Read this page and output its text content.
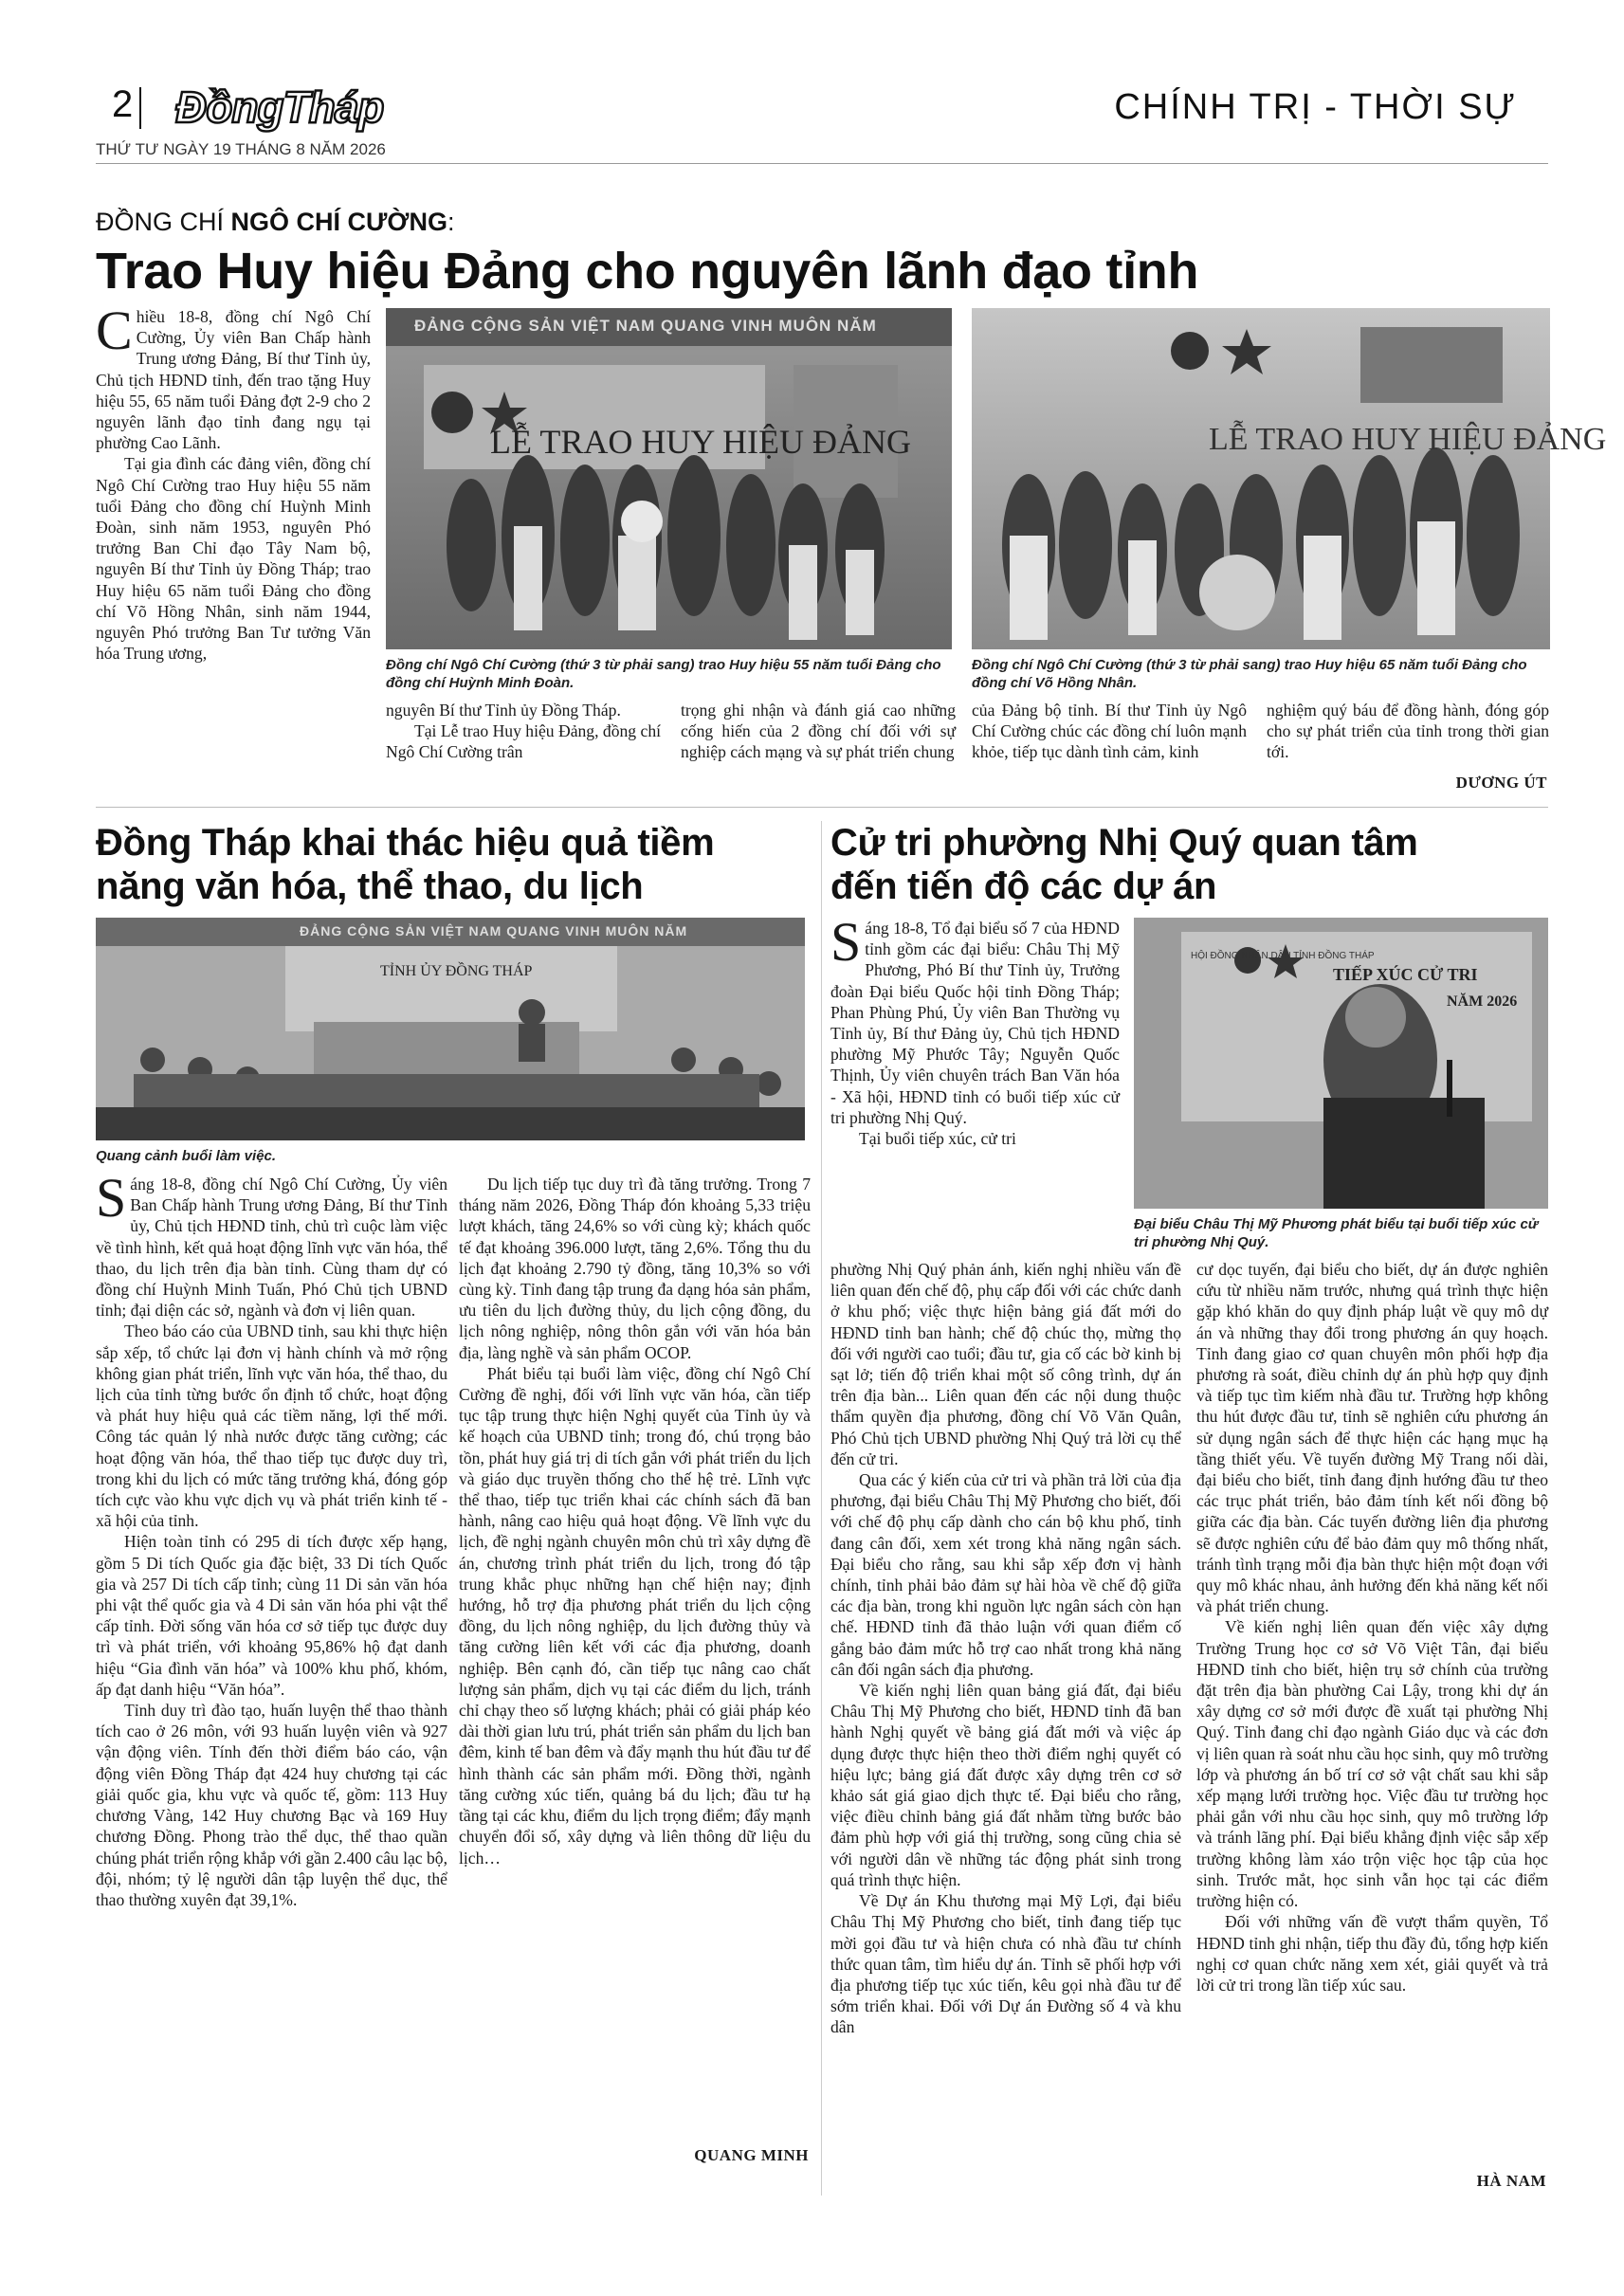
2 ĐồngTháp	CHÍNH TRỊ - THỜI SỰ
THỨ TƯ NGÀY 19 THÁNG 8 NĂM 2026
ĐỒNG CHÍ NGÔ CHÍ CƯỜNG:
Trao Huy hiệu Đảng cho nguyên lãnh đạo tỉnh

Chiều 18-8, đồng chí Ngô Chí Cường, Ủy viên Ban Chấp hành Trung ương Đảng, Bí thư Tỉnh ủy, Chủ tịch HĐND tỉnh, đến trao tặng Huy hiệu 55, 65 năm tuổi Đảng đợt 2-9 cho 2 nguyên lãnh đạo tỉnh đang ngụ tại phường Cao Lãnh.

Tại gia đình các đảng viên, đồng chí Ngô Chí Cường trao Huy hiệu 55 năm tuổi Đảng cho đồng chí Huỳnh Minh Đoàn, sinh năm 1953, nguyên Phó trưởng Ban Chỉ đạo Tây Nam bộ, nguyên Bí thư Tỉnh ủy Đồng Tháp; trao Huy hiệu 65 năm tuổi Đảng cho đồng chí Võ Hồng Nhân, sinh năm 1944, nguyên Phó trưởng Ban Tư tưởng Văn hóa Trung ương,

ĐẢNG CỘNG SẢN VIỆT NAM QUANG VINH MUÔN NĂM
LỄ TRAO HUY HIỆU ĐẢNG
Đồng chí Ngô Chí Cường (thứ 3 từ phải sang) trao Huy hiệu 55 năm tuổi Đảng cho đồng chí Huỳnh Minh Đoàn.
LỄ TRAO HUY HIỆU ĐẢNG
Đồng chí Ngô Chí Cường (thứ 3 từ phải sang) trao Huy hiệu 65 năm tuổi Đảng cho đồng chí Võ Hồng Nhân.

nguyên Bí thư Tỉnh ủy Đồng Tháp.

Tại Lễ trao Huy hiệu Đảng, đồng chí Ngô Chí Cường trân

trọng ghi nhận và đánh giá cao những cống hiến của 2 đồng chí đối với sự nghiệp cách mạng và sự phát triển chung

của Đảng bộ tỉnh. Bí thư Tỉnh ủy Ngô Chí Cường chúc các đồng chí luôn mạnh khỏe, tiếp tục dành tình cảm, kinh

nghiệm quý báu để đồng hành, đóng góp cho sự phát triển của tỉnh trong thời gian tới.

DƯƠNG ÚT
Đồng Tháp khai thác hiệu quả tiềm năng văn hóa, thể thao, du lịch
ĐẢNG CỘNG SẢN VIỆT NAM QUANG VINH MUÔN NĂM
TỈNH ỦY ĐỒNG THÁP
Quang cảnh buổi làm việc.

Sáng 18-8, đồng chí Ngô Chí Cường, Ủy viên Ban Chấp hành Trung ương Đảng, Bí thư Tỉnh ủy, Chủ tịch HĐND tỉnh, chủ trì cuộc làm việc về tình hình, kết quả hoạt động lĩnh vực văn hóa, thể thao, du lịch trên địa bàn tỉnh. Cùng tham dự có đồng chí Huỳnh Minh Tuấn, Phó Chủ tịch UBND tỉnh; đại diện các sở, ngành và đơn vị liên quan.

Theo báo cáo của UBND tỉnh, sau khi thực hiện sắp xếp, tổ chức lại đơn vị hành chính và mở rộng không gian phát triển, lĩnh vực văn hóa, thể thao, du lịch của tỉnh từng bước ổn định tổ chức, hoạt động và phát huy hiệu quả các tiềm năng, lợi thế mới. Công tác quản lý nhà nước được tăng cường; các hoạt động văn hóa, thể thao tiếp tục được duy trì, trong khi du lịch có mức tăng trưởng khá, đóng góp tích cực vào khu vực dịch vụ và phát triển kinh tế - xã hội của tỉnh.

Hiện toàn tỉnh có 295 di tích được xếp hạng, gồm 5 Di tích Quốc gia đặc biệt, 33 Di tích Quốc gia và 257 Di tích cấp tỉnh; cùng 11 Di sản văn hóa phi vật thể quốc gia và 4 Di sản văn hóa phi vật thể cấp tỉnh. Đời sống văn hóa cơ sở tiếp tục được duy trì và phát triển, với khoảng 95,86% hộ đạt danh hiệu “Gia đình văn hóa” và 100% khu phố, khóm, ấp đạt danh hiệu “Văn hóa”.

Tỉnh duy trì đào tạo, huấn luyện thể thao thành tích cao ở 26 môn, với 93 huấn luyện viên và 927 vận động viên. Tính đến thời điểm báo cáo, vận động viên Đồng Tháp đạt 424 huy chương tại các giải quốc gia, khu vực và quốc tế, gồm: 113 Huy chương Vàng, 142 Huy chương Bạc và 169 Huy chương Đồng. Phong trào thể dục, thể thao quần chúng phát triển rộng khắp với gần 2.400 câu lạc bộ, đội, nhóm; tỷ lệ người dân tập luyện thể dục, thể thao thường xuyên đạt 39,1%.

Du lịch tiếp tục duy trì đà tăng trưởng. Trong 7 tháng năm 2026, Đồng Tháp đón khoảng 5,33 triệu lượt khách, tăng 24,6% so với cùng kỳ; khách quốc tế đạt khoảng 396.000 lượt, tăng 2,6%. Tổng thu du lịch đạt khoảng 2.790 tỷ đồng, tăng 10,3% so với cùng kỳ. Tỉnh đang tập trung đa dạng hóa sản phẩm, ưu tiên du lịch đường thủy, du lịch cộng đồng, du lịch nông nghiệp, nông thôn gắn với văn hóa bản địa, làng nghề và sản phẩm OCOP.

Phát biểu tại buổi làm việc, đồng chí Ngô Chí Cường đề nghị, đối với lĩnh vực văn hóa, cần tiếp tục tập trung thực hiện Nghị quyết của Tỉnh ủy và kế hoạch của UBND tỉnh; trong đó, chú trọng bảo tồn, phát huy giá trị di tích gắn với phát triển du lịch và giáo dục truyền thống cho thế hệ trẻ. Lĩnh vực thể thao, tiếp tục triển khai các chính sách đã ban hành, nâng cao hiệu quả hoạt động. Về lĩnh vực du lịch, đề nghị ngành chuyên môn chủ trì xây dựng đề án, chương trình phát triển du lịch, trong đó tập trung khắc phục những hạn chế hiện nay; định hướng, hỗ trợ địa phương phát triển du lịch cộng đồng, du lịch nông nghiệp, du lịch đường thủy và tăng cường liên kết với các địa phương, doanh nghiệp. Bên cạnh đó, cần tiếp tục nâng cao chất lượng sản phẩm, dịch vụ tại các điểm du lịch, tránh chỉ chạy theo số lượng khách; phải có giải pháp kéo dài thời gian lưu trú, phát triển sản phẩm du lịch ban đêm, kinh tế ban đêm và đẩy mạnh thu hút đầu tư để hình thành các sản phẩm mới. Đồng thời, ngành tăng cường xúc tiến, quảng bá du lịch; đầu tư hạ tầng tại các khu, điểm du lịch trọng điểm; đẩy mạnh chuyển đổi số, xây dựng và liên thông dữ liệu du lịch…

QUANG MINH
Cử tri phường Nhị Quý quan tâm đến tiến độ các dự án

Sáng 18-8, Tổ đại biểu số 7 của HĐND tỉnh gồm các đại biểu: Châu Thị Mỹ Phương, Phó Bí thư Tỉnh ủy, Trưởng đoàn Đại biểu Quốc hội tỉnh Đồng Tháp; Phan Phùng Phú, Ủy viên Ban Thường vụ Tỉnh ủy, Bí thư Đảng ủy, Chủ tịch HĐND phường Mỹ Phước Tây; Nguyễn Quốc Thịnh, Ủy viên chuyên trách Ban Văn hóa - Xã hội, HĐND tỉnh có buổi tiếp xúc cử tri phường Nhị Quý.

Tại buổi tiếp xúc, cử tri

HỘI ĐỒNG NHÂN DÂN TỈNH ĐỒNG THÁP
TIẾP XÚC CỬ TRI
NĂM 2026
Đại biểu Châu Thị Mỹ Phương phát biểu tại buổi tiếp xúc cử tri phường Nhị Quý.

phường Nhị Quý phản ánh, kiến nghị nhiều vấn đề liên quan đến chế độ, phụ cấp đối với các chức danh ở khu phố; việc thực hiện bảng giá đất mới do HĐND tỉnh ban hành; chế độ chúc thọ, mừng thọ đối với người cao tuổi; đầu tư, gia cố các bờ kinh bị sạt lở; tiến độ triển khai một số công trình, dự án trên địa bàn... Liên quan đến các nội dung thuộc thẩm quyền địa phương, đồng chí Võ Văn Quân, Phó Chủ tịch UBND phường Nhị Quý trả lời cụ thể đến cử tri.

Qua các ý kiến của cử tri và phần trả lời của địa phương, đại biểu Châu Thị Mỹ Phương cho biết, đối với chế độ phụ cấp dành cho cán bộ khu phố, tỉnh đang cân đối, xem xét trong khả năng ngân sách. Đại biểu cho rằng, sau khi sắp xếp đơn vị hành chính, tỉnh phải bảo đảm sự hài hòa về chế độ giữa các địa bàn, trong khi nguồn lực ngân sách còn hạn chế. HĐND tỉnh đã thảo luận với quan điểm cố gắng bảo đảm mức hỗ trợ cao nhất trong khả năng cân đối ngân sách địa phương.

Về kiến nghị liên quan bảng giá đất, đại biểu Châu Thị Mỹ Phương cho biết, HĐND tỉnh đã ban hành Nghị quyết về bảng giá đất mới và việc áp dụng được thực hiện theo thời điểm nghị quyết có hiệu lực; bảng giá đất được xây dựng trên cơ sở khảo sát giá giao dịch thực tế. Đại biểu cho rằng, việc điều chỉnh bảng giá đất nhằm từng bước bảo đảm phù hợp với giá thị trường, song cũng chia sẻ với người dân về những tác động phát sinh trong quá trình thực hiện.

Về Dự án Khu thương mại Mỹ Lợi, đại biểu Châu Thị Mỹ Phương cho biết, tỉnh đang tiếp tục mời gọi đầu tư và hiện chưa có nhà đầu tư chính thức quan tâm, tìm hiểu dự án. Tỉnh sẽ phối hợp với địa phương tiếp tục xúc tiến, kêu gọi nhà đầu tư để sớm triển khai. Đối với Dự án Đường số 4 và khu dân

cư dọc tuyến, đại biểu cho biết, dự án được nghiên cứu từ nhiều năm trước, nhưng quá trình thực hiện gặp khó khăn do quy định pháp luật về quy mô dự án và những thay đổi trong phương án quy hoạch. Tỉnh đang giao cơ quan chuyên môn phối hợp địa phương rà soát, điều chỉnh dự án phù hợp quy định và tiếp tục tìm kiếm nhà đầu tư. Trường hợp không thu hút được đầu tư, tỉnh sẽ nghiên cứu phương án sử dụng ngân sách để thực hiện các hạng mục hạ tầng thiết yếu. Về tuyến đường Mỹ Trang nối dài, đại biểu cho biết, tỉnh đang định hướng đầu tư theo các trục phát triển, bảo đảm tính kết nối đồng bộ giữa các địa bàn. Các tuyến đường liên địa phương sẽ được nghiên cứu để bảo đảm quy mô thống nhất, tránh tình trạng mỗi địa bàn thực hiện một đoạn với quy mô khác nhau, ảnh hưởng đến khả năng kết nối và phát triển chung.

Về kiến nghị liên quan đến việc xây dựng Trường Trung học cơ sở Võ Việt Tân, đại biểu HĐND tỉnh cho biết, hiện trụ sở chính của trường đặt trên địa bàn phường Cai Lậy, trong khi dự án xây dựng cơ sở mới được đề xuất tại phường Nhị Quý. Tỉnh đang chỉ đạo ngành Giáo dục và các đơn vị liên quan rà soát nhu cầu học sinh, quy mô trường lớp và phương án bố trí cơ sở vật chất sau khi sắp xếp mạng lưới trường học. Việc đầu tư trường học phải gắn với nhu cầu học sinh, quy mô trường lớp và tránh lãng phí. Đại biểu khẳng định việc sắp xếp trường không làm xáo trộn việc học tập của học sinh. Trước mắt, học sinh vẫn học tại các điểm trường hiện có.

Đối với những vấn đề vượt thẩm quyền, Tổ HĐND tỉnh ghi nhận, tiếp thu đầy đủ, tổng hợp kiến nghị cơ quan chức năng xem xét, giải quyết và trả lời cử tri trong lần tiếp xúc sau.

HÀ NAM
